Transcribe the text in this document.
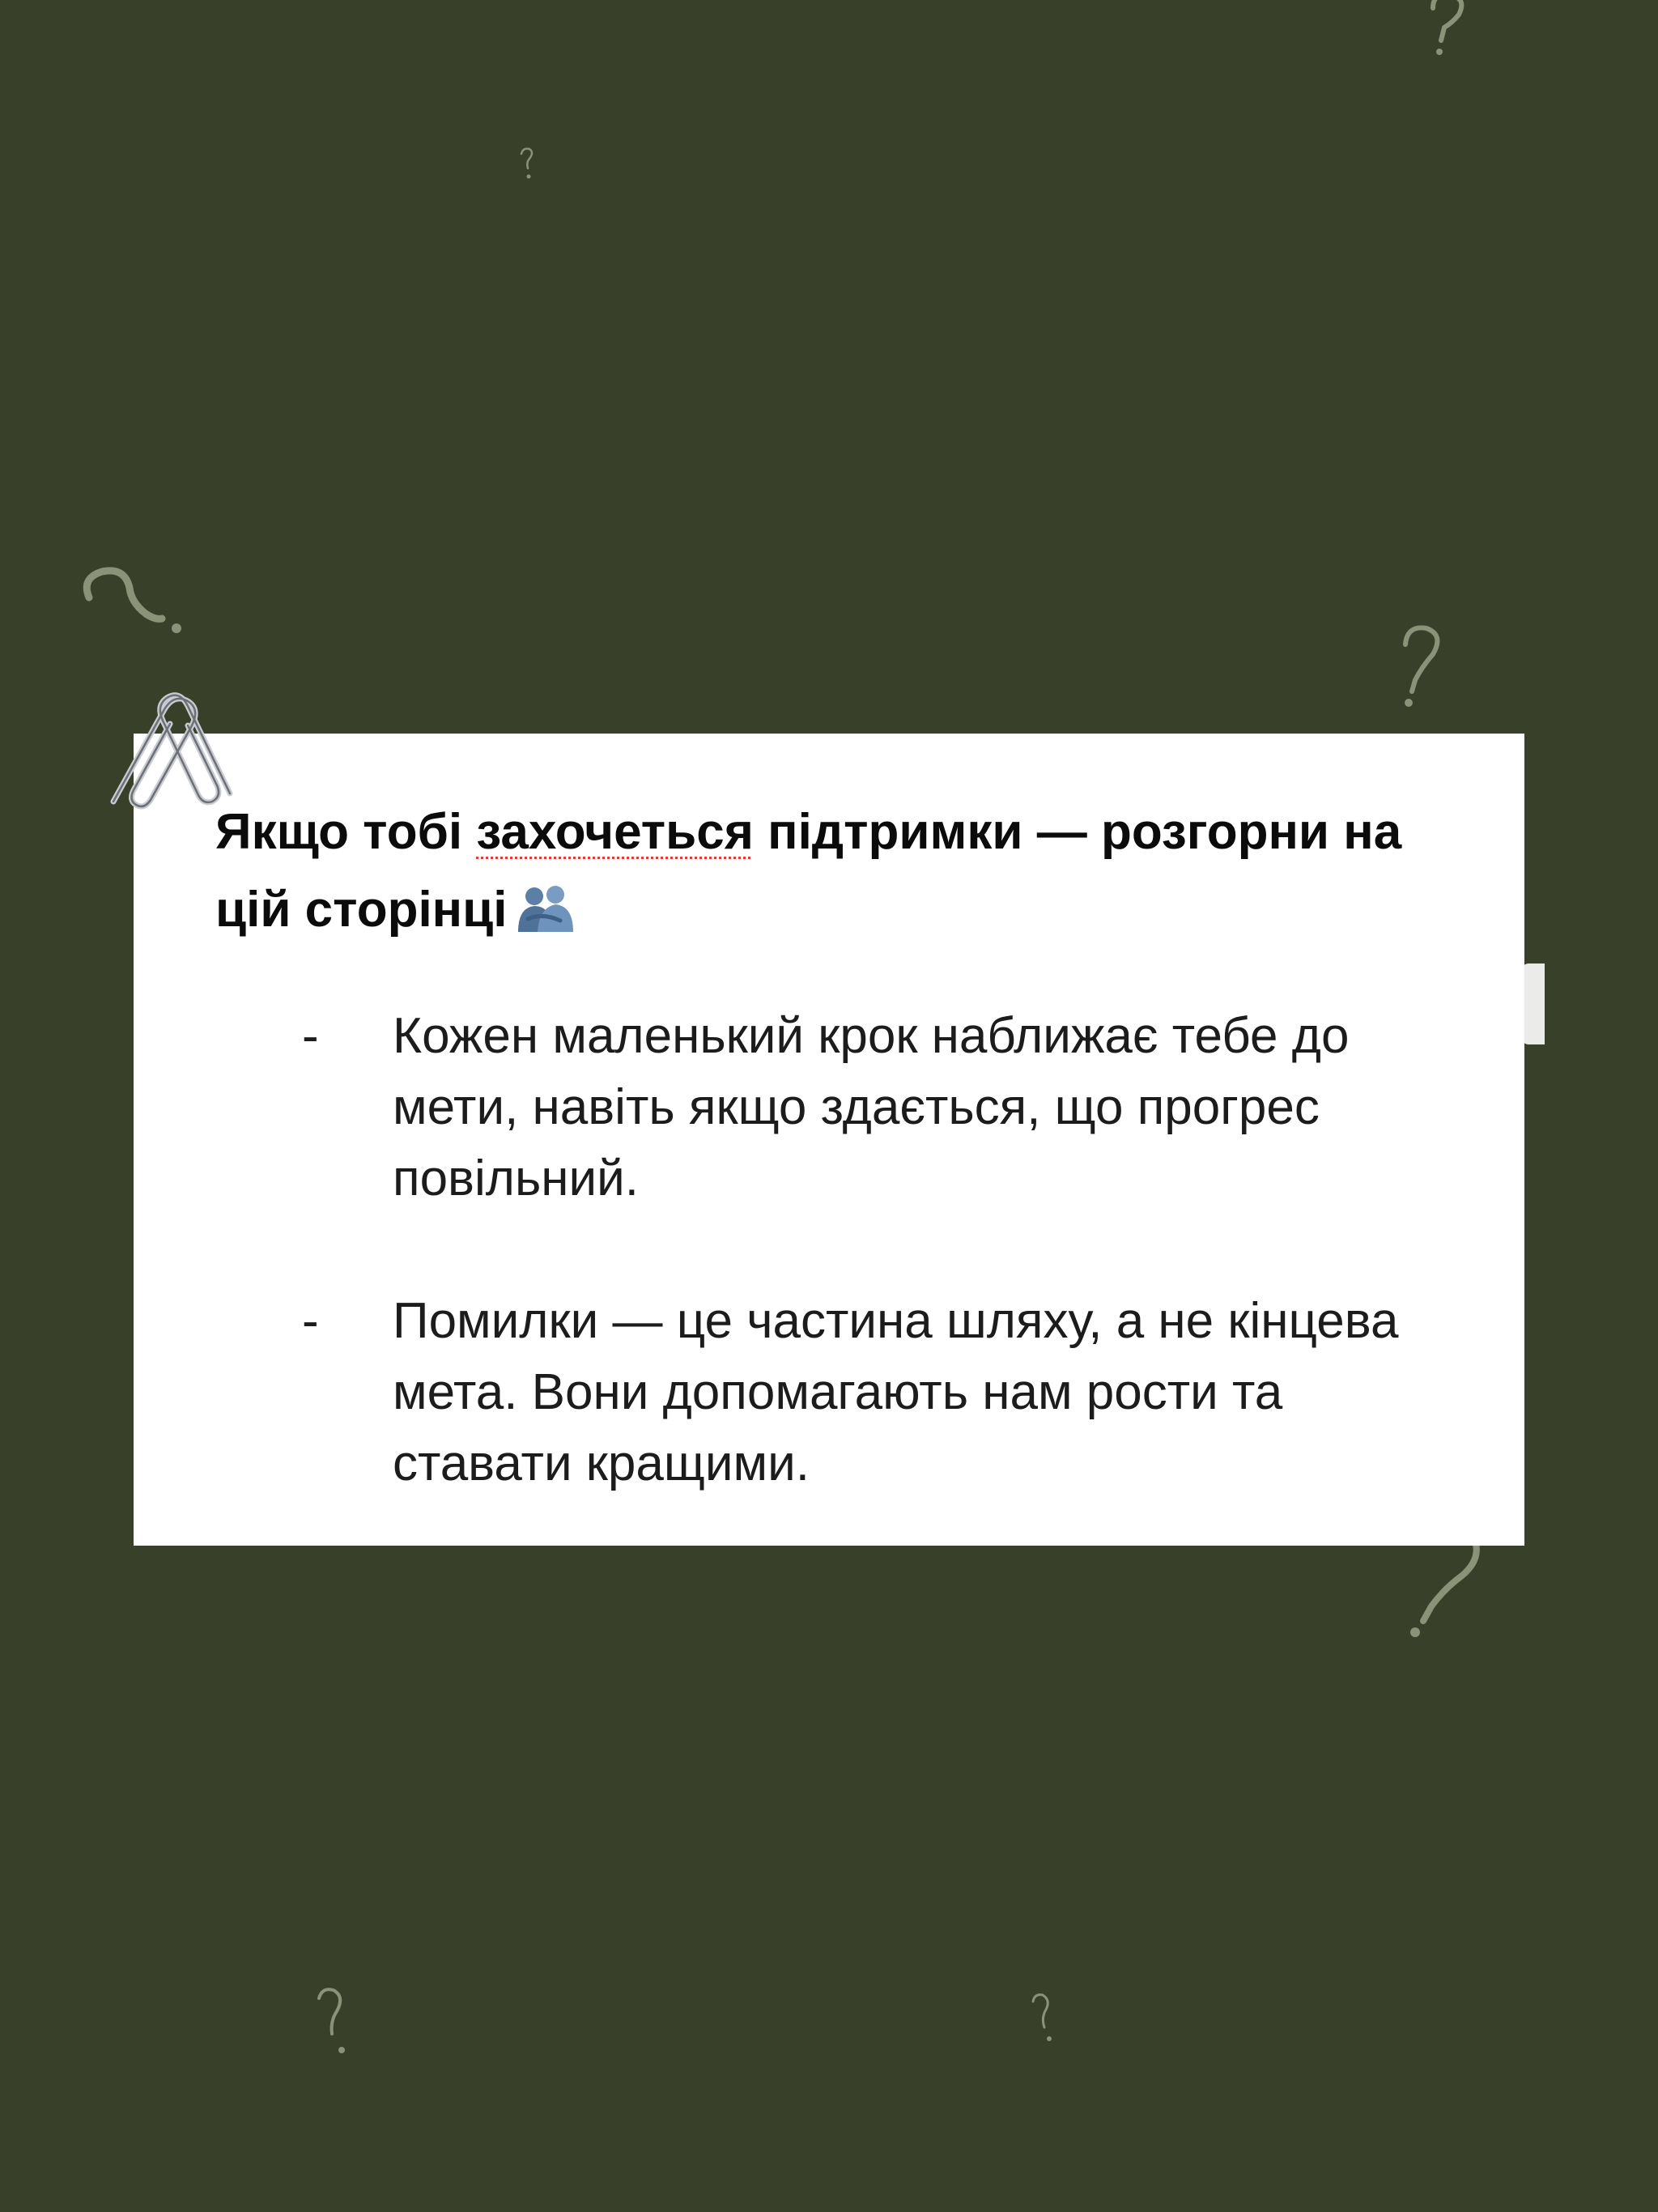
Якщо тобі захочеться підтримки — розгорни на цій сторінці
- Кожен маленький крок наближає тебе до мети, навіть якщо здається, що прогрес повільний.
- Помилки — це частина шляху, а не кінцева мета. Вони допомагають нам рости та ставати кращими.
